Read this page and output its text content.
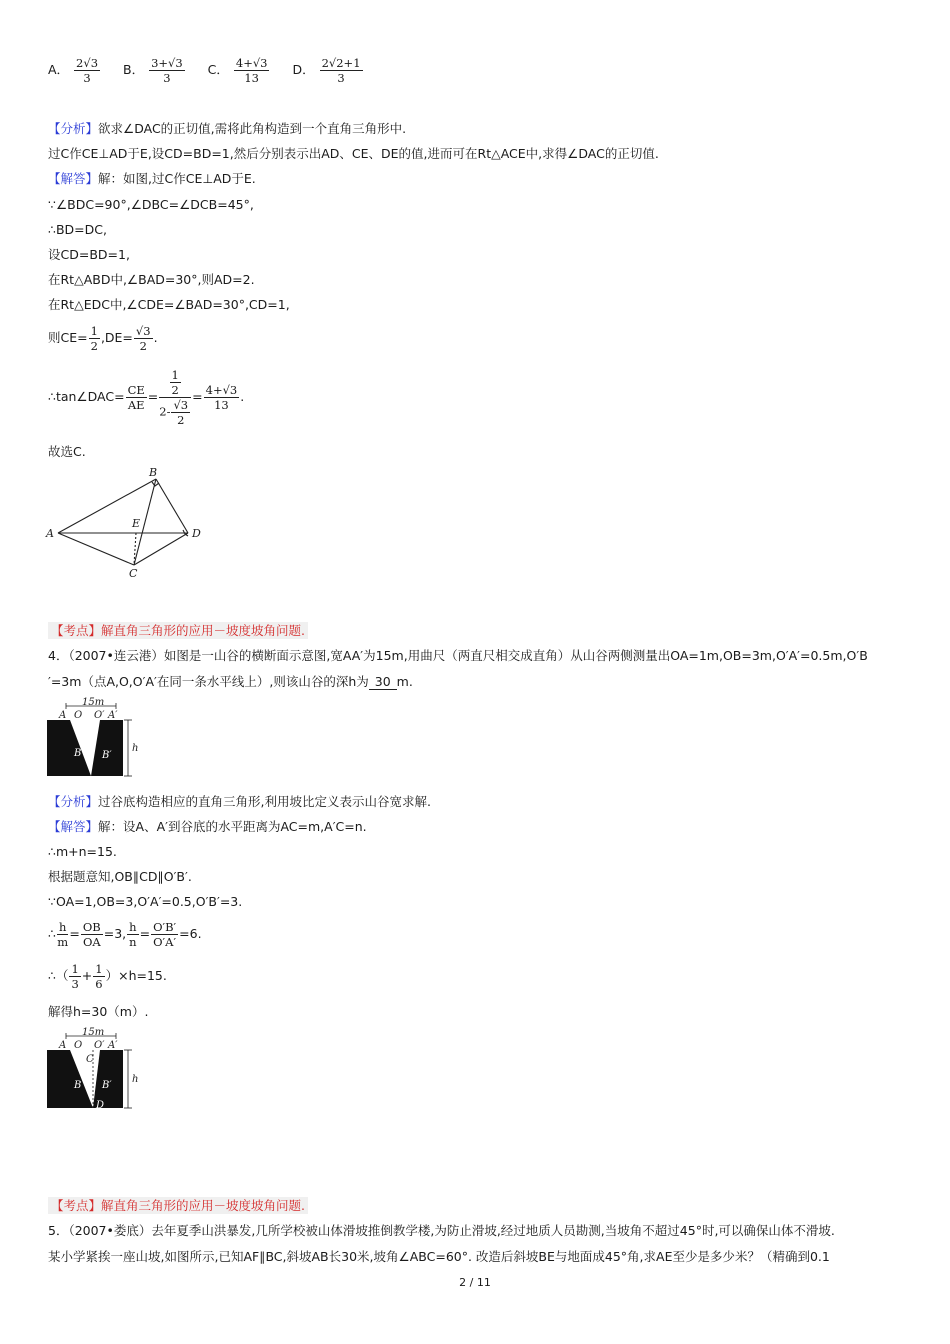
A． $\frac{2√3}{3}$ B． $\frac{3+√3}{3}$ C． $\frac{4+√3}{13}$ D． $\frac{2√2+1}{3}$
【分析】欲求∠DAC的正切值,需将此角构造到一个直角三角形中.
过C作CE⊥AD于E,设CD=BD=1,然后分别表示出AD、CE、DE的值,进而可在Rt△ACE中,求得∠DAC的正切值.
【解答】解：如图,过C作CE⊥AD于E.
∵∠BDC=90°,∠DBC=∠DCB=45°,
∴BD=DC,
设CD=BD=1,
在Rt△ABD中,∠BAD=30°,则AD=2.
在Rt△EDC中,∠CDE=∠BAD=30°,CD=1,
则$CE= \frac{1}{2} ,DE= \frac{√3}{2}$ .
∴tan∠DAC= $\frac{CE}{AE} = \frac{\frac{1}{2}}{2- \frac{√3}{2}} = \frac{4+√3}{13}$ .
故选C.
A
B
C
D
E
【考点】解直角三角形的应用－坡度坡角问题.
4．（2007•连云港）如图是一山谷的横断面示意图,宽AA′为15m,用曲尺（两直尺相交成直角）从山谷两侧测量出OA=1m,OB=3m,O′A′=0.5m,O′B
′=3m（点A,O,O′A′在同一条水平线上）,则该山谷的深h为 30 m.
15m
A O O′ A′
B B′
h
【分析】过谷底构造相应的直角三角形,利用坡比定义表示山谷宽求解.
【解答】解：设A、A′到谷底的水平距离为AC=m,A′C=n.
∴m+n=15.
根据题意知,OB∥CD∥O′B′.
∵OA=1,OB=3,O′A′=0.5,O′B′=3.
∴ $\frac{h}{m} = \frac{OB}{OA} =3$, $\frac{h}{n} = \frac{O'B'}{O'A'} =6$.
∴（ $\frac{1}{3} + \frac{1}{6} )\times h=15$.
解得h=30（m）.
15m
A O O′ A′
C
B B′
D
h
【考点】解直角三角形的应用－坡度坡角问题.
5．（2007•娄底）去年夏季山洪暴发,几所学校被山体滑坡推倒教学楼,为防止滑坡,经过地质人员勘测,当坡角不超过45°时,可以确保山体不滑坡.
某小学紧挨一座山坡,如图所示,已知AF∥BC,斜坡AB长30米,坡角∠ABC=60°. 改造后斜坡BE与地面成45°角,求AE至少是多少米？（精确到0.1
2 / 11
